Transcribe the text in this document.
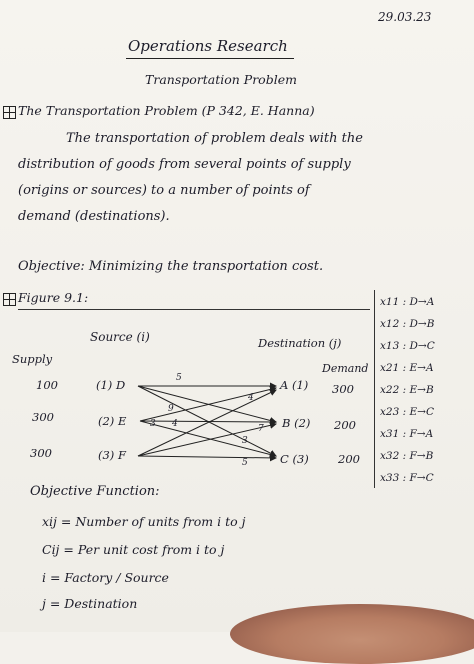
29.03.23
Operations Research
Transportation Problem
The Transportation Problem (P 342, E. Hanna)
The transportation of problem deals with the
distribution of goods from several points of supply
(origins or sources) to a number of points of
demand (destinations).
Objective: Minimizing the transportation cost.
Figure 9.1:	x11 : D→A
x12 : D→B
x13 : D→C
x21 : E→A
x22 : E→B
x23 : E→C
x31 : F→A
x32 : F→B
x33 : F→C
Source (i)	Destination (j)
Supply
Demand
100
300
300
(1) D
(2) E
(3) F
A (1)
B (2)
C (3)
300
200
200
5
4
9
3 4	7
3
5
Objective Function:
xij = Number of units from i to j
Cij = Per unit cost from i to j
i = Factory / Source
j = Destination
